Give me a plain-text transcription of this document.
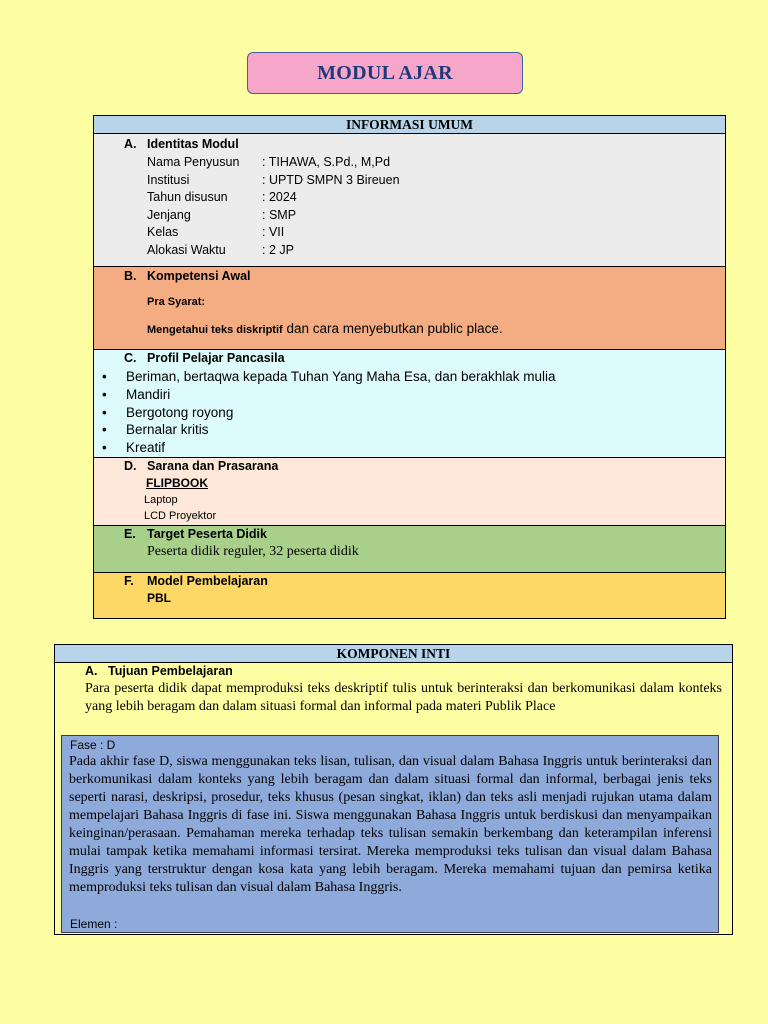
MODUL AJAR
INFORMASI UMUM
A. Identitas Modul
Nama Penyusun : TIHAWA, S.Pd., M,Pd
Institusi	: UPTD SMPN 3 Bireuen
Tahun disusun	: 2024
Jenjang	: SMP
Kelas	: VII
Alokasi Waktu	: 2 JP
B. Kompetensi Awal
Pra Syarat:
Mengetahui teks diskriptif dan cara menyebutkan public place.
C. Profil Pelajar Pancasila
• Beriman, bertaqwa kepada Tuhan Yang Maha Esa, dan berakhlak mulia
• Mandiri
• Bergotong royong
• Bernalar kritis
• Kreatif
D. Sarana dan Prasarana
FLIPBOOK
Laptop
LCD Proyektor
E. Target Peserta Didik
Peserta didik reguler, 32 peserta didik
F. Model Pembelajaran
PBL
KOMPONEN INTI
A. Tujuan Pembelajaran
Para peserta didik dapat memproduksi teks deskriptif tulis untuk berinteraksi dan berkomunikasi dalam konteks yang lebih beragam dan dalam situasi formal dan informal pada materi Publik Place
Fase : D
Pada akhir fase D, siswa menggunakan teks lisan, tulisan, dan visual dalam Bahasa Inggris untuk berinteraksi dan berkomunikasi dalam konteks yang lebih beragam dan dalam situasi formal dan informal, berbagai jenis teks seperti narasi, deskripsi, prosedur, teks khusus (pesan singkat, iklan) dan teks asli menjadi rujukan utama dalam mempelajari Bahasa Inggris di fase ini. Siswa menggunakan Bahasa Inggris untuk berdiskusi dan menyampaikan keinginan/perasaan. Pemahaman mereka terhadap teks tulisan semakin berkembang dan keterampilan inferensi mulai tampak ketika memahami informasi tersirat. Mereka memproduksi teks tulisan dan visual dalam Bahasa Inggris yang terstruktur dengan kosa kata yang lebih beragam. Mereka memahami tujuan dan pemirsa ketika memproduksi teks tulisan dan visual dalam Bahasa Inggris.
Elemen :
